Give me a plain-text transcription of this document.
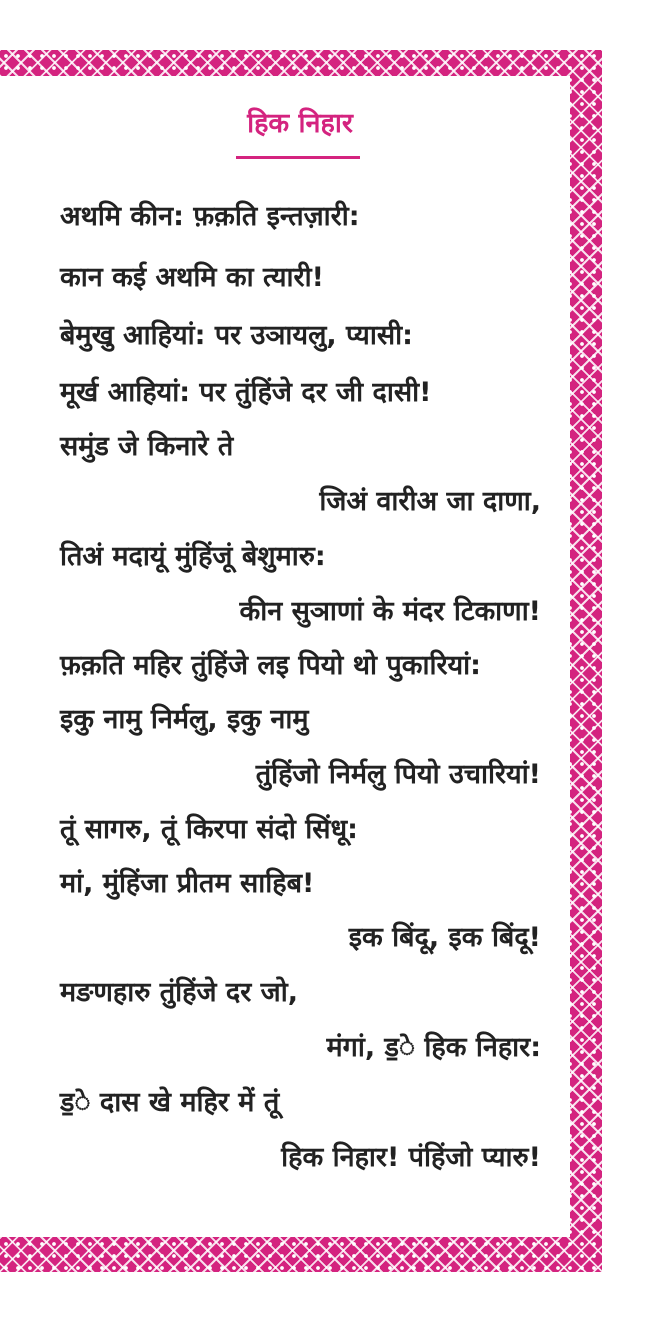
हिक निहार
अथमि कीन: फ़क़ति इन्तज़ारी:
कान कई अथमि का त्यारी!
बेमुखु आहियां: पर उञायलु, प्यासी:
मूर्ख आहियां: पर तुंहिंजे दर जी दासी!
समुंड जे किनारे ते
जिअं वारीअ जा दाणा,
तिअं मदायूं मुंहिंजूं बेशुमारु:
कीन सुञाणां के मंदर टिकाणा!
फ़क़ति महिर तुंहिंजे लइ पियो थो पुकारियां:
इकु नामु निर्मलु, इकु नामु
तुंहिंजो निर्मलु पियो उचारियां!
तूं सागरु, तूं किरपा संदो सिंधू:
मां, मुंहिंजा प्रीतम साहिब!
इक बिंदू, इक बिंदू!
मङणहारु तुंहिंजे दर जो,
मंगां, ड॒े हिक निहार:
ड॒े दास खे महिर में तूं
हिक निहार! पंहिंजो प्यारु!
